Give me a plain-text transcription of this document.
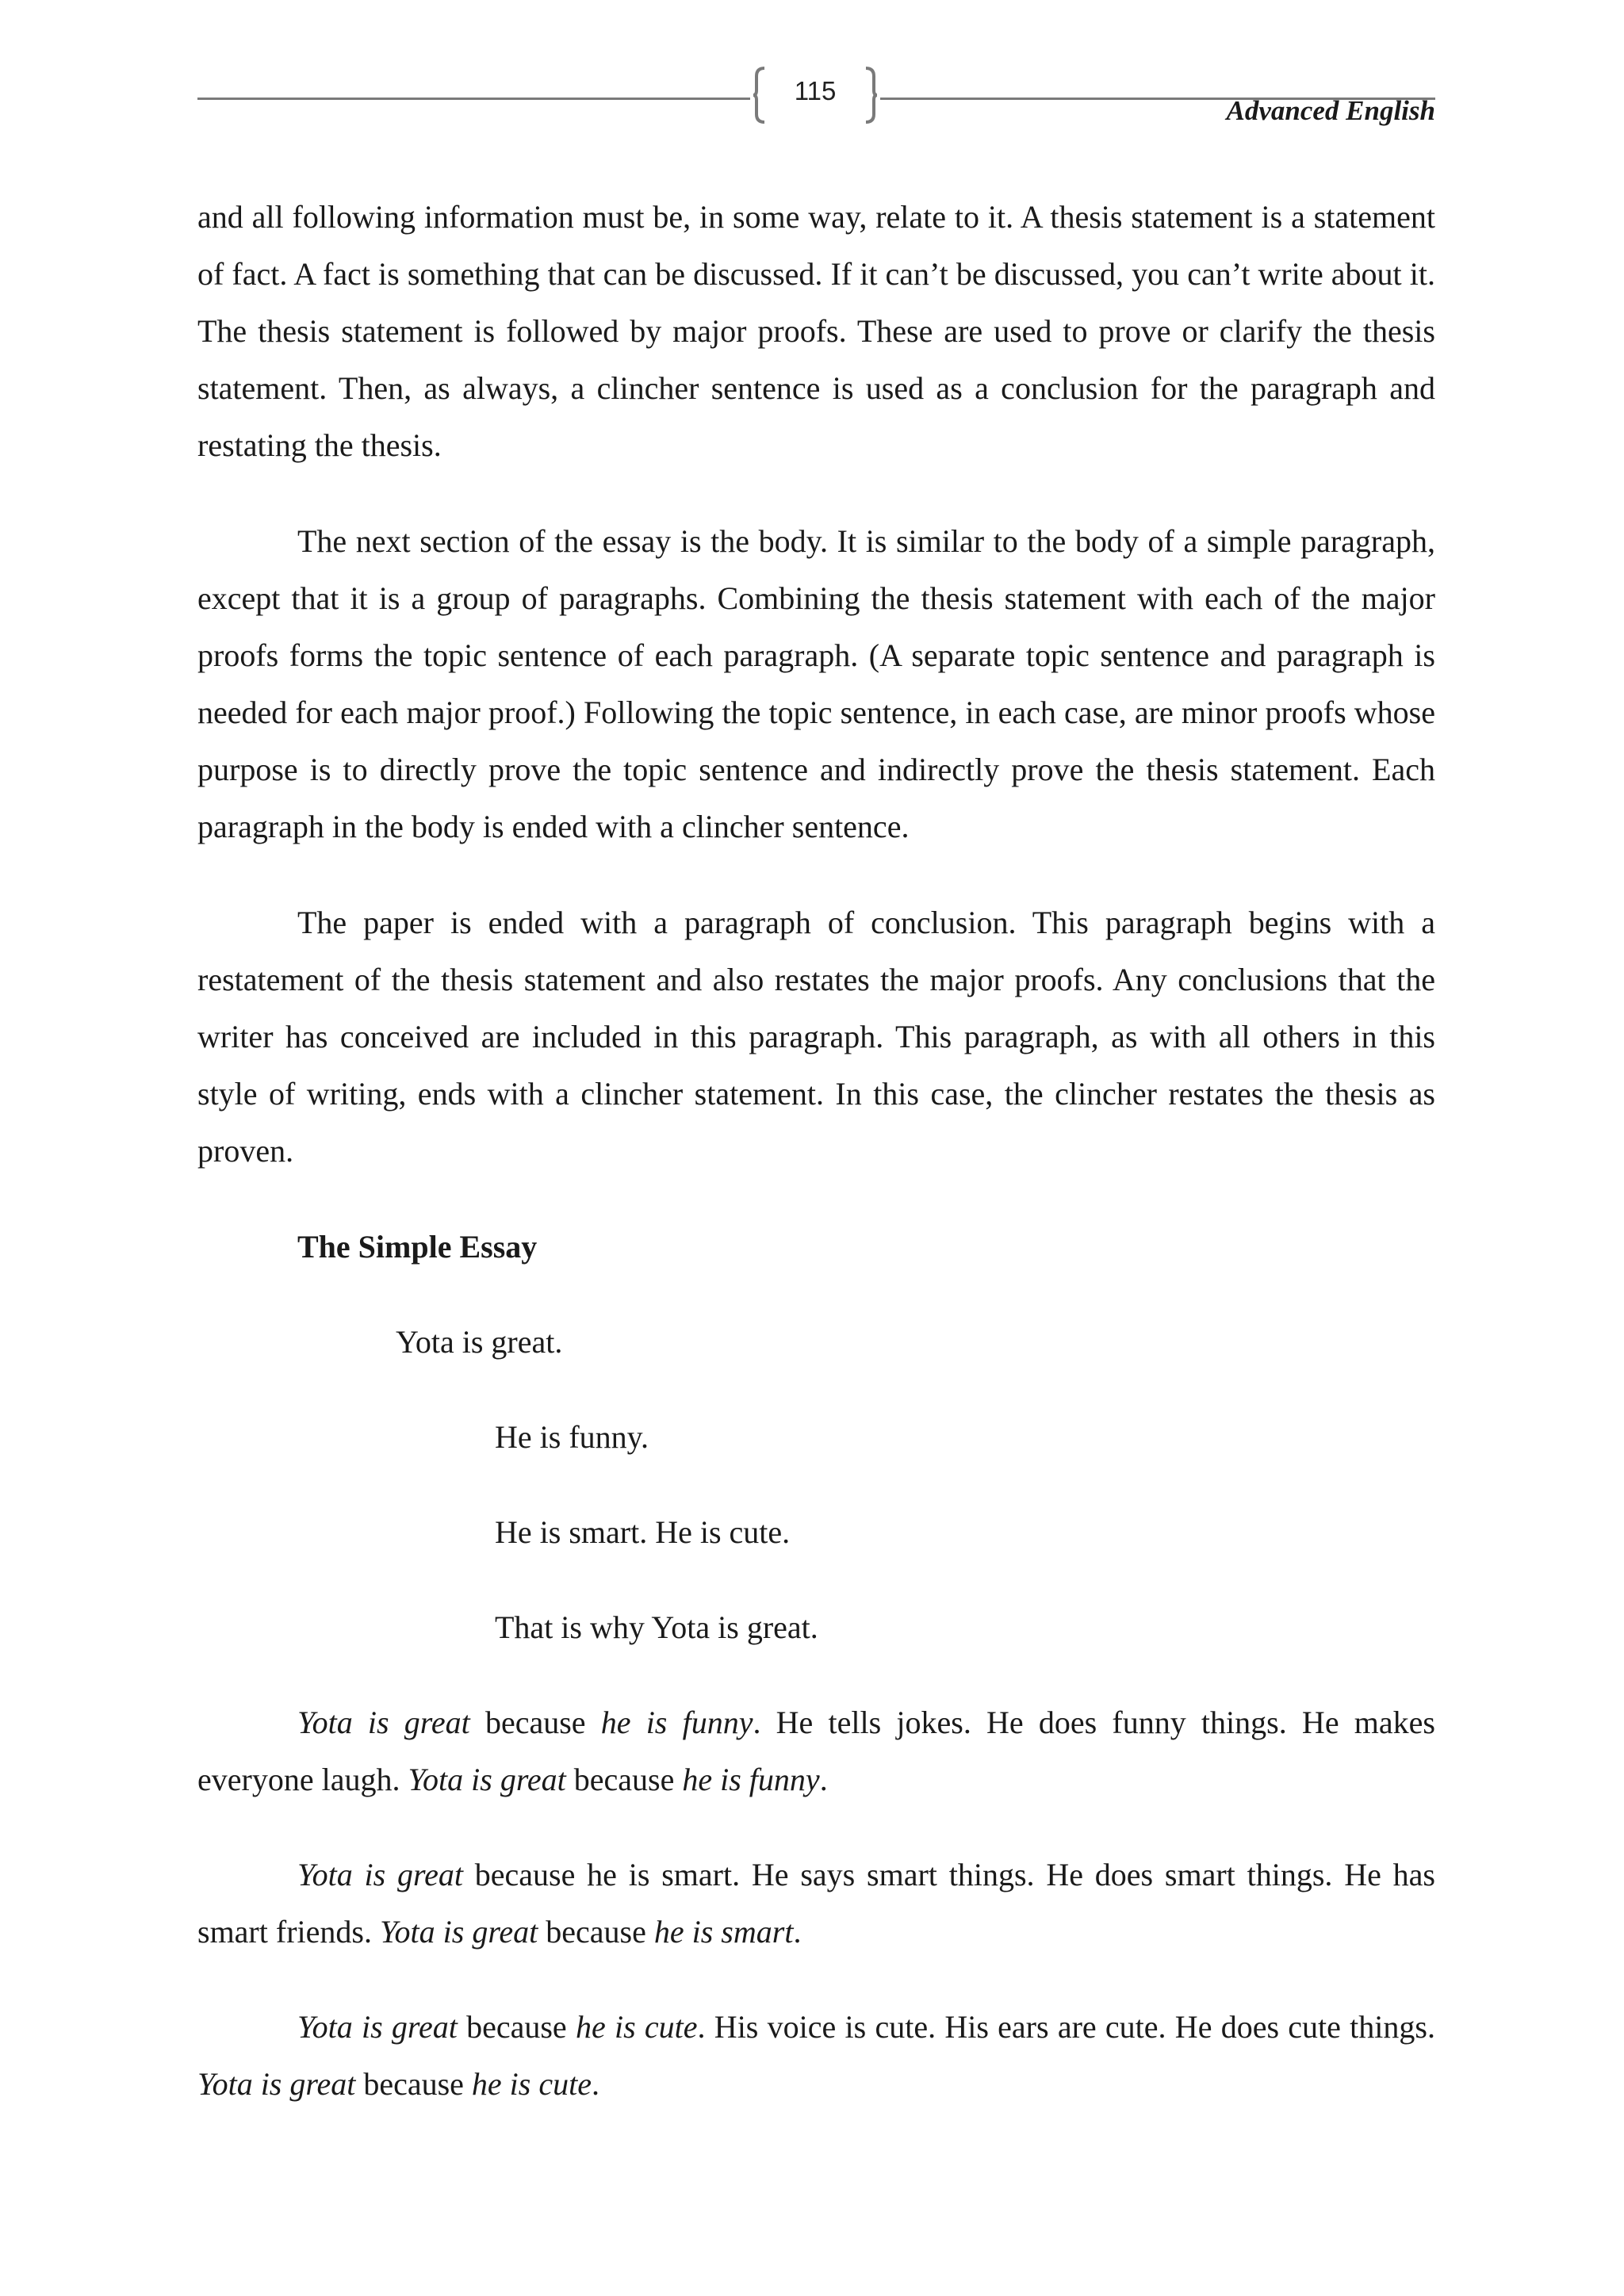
115
Advanced English

and all following information must be, in some way, relate to it. A thesis statement is a statement of fact. A fact is something that can be discussed. If it can’t be discussed, you can’t write about it. The thesis statement is followed by major proofs. These are used to prove or clarify the thesis statement. Then, as always, a clincher sentence is used as a conclusion for the paragraph and restating the thesis.

The next section of the essay is the body. It is similar to the body of a simple paragraph, except that it is a group of paragraphs. Combining the thesis statement with each of the major proofs forms the topic sentence of each paragraph. (A separate topic sentence and paragraph is needed for each major proof.) Following the topic sentence, in each case, are minor proofs whose purpose is to directly prove the topic sentence and indirectly prove the thesis statement. Each paragraph in the body is ended with a clincher sentence.

The paper is ended with a paragraph of conclusion. This paragraph begins with a restatement of the thesis statement and also restates the major proofs. Any conclusions that the writer has conceived are included in this paragraph. This paragraph, as with all others in this style of writing, ends with a clincher statement. In this case, the clincher restates the thesis as proven.

The Simple Essay
Yota is great.
He is funny.
He is smart. He is cute.
That is why Yota is great.

Yota is great because he is funny. He tells jokes. He does funny things. He makes everyone laugh. Yota is great because he is funny.

Yota is great because he is smart. He says smart things. He does smart things. He has smart friends. Yota is great because he is smart.

Yota is great because he is cute. His voice is cute. His ears are cute. He does cute things. Yota is great because he is cute.
